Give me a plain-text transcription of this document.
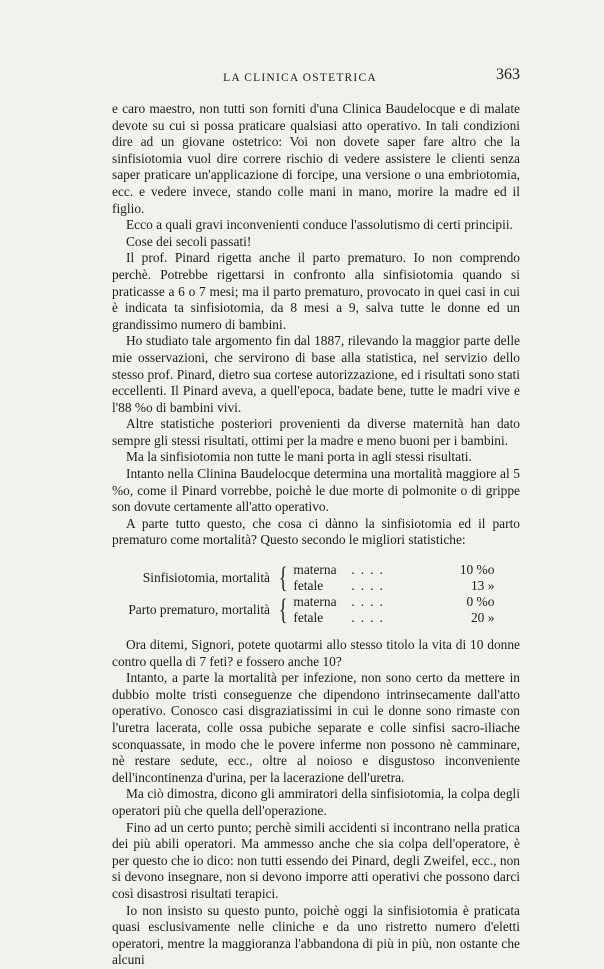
LA CLINICA OSTETRICA	363

e caro maestro, non tutti son forniti d'una Clinica Baudelocque e di malate devote su cui si possa praticare qualsiasi atto operativo. In tali condizioni dire ad un giovane ostetrico: Voi non dovete saper fare altro che la sinfisiotomia vuol dire correre rischio di vedere assistere le clienti senza saper praticare un'applicazione di forcipe, una versione o una embriotomia, ecc. e vedere invece, stando colle mani in mano, morire la madre ed il figlio.

Ecco a quali gravi inconvenienti conduce l'assolutismo di certi principii.

Cose dei secoli passati!

Il prof. Pinard rigetta anche il parto prematuro. Io non comprendo perchè. Potrebbe rigettarsi in confronto alla sinfisiotomia quando si praticasse a 6 o 7 mesi; ma il parto prematuro, provocato in quei casi in cui è indicata ta sinfisiotomia, da 8 mesi a 9, salva tutte le donne ed un grandissimo numero di bambini.

Ho studiato tale argomento fin dal 1887, rilevando la maggior parte delle mie osservazioni, che servirono di base alla statistica, nel servizio dello stesso prof. Pinard, dietro sua cortese autorizzazione, ed i risultati sono stati eccellenti. Il Pinard aveva, a quell'epoca, badate bene, tutte le madri vive e l'88 %o di bambini vivi.

Altre statistiche posteriori provenienti da diverse maternità han dato sempre gli stessi risultati, ottimi per la madre e meno buoni per i bambini.

Ma la sinfisiotomia non tutte le mani porta in agli stessi risultati.

Intanto nella Clinina Baudelocque determina una mortalità maggiore al 5 %o, come il Pinard vorrebbe, poichè le due morte di polmonite o di grippe son dovute certamente all'atto operativo.

A parte tutto questo, che cosa ci dànno la sinfisiotomia ed il parto prematuro come mortalità? Questo secondo le migliori statistiche:

Sinfisiotomia, mortalità { materna	....	10 %o
fetale	....	13 »
Parto prematuro, mortalità { materna	....	0 %o
fetale	....	20 »

Ora ditemi, Signori, potete quotarmi allo stesso titolo la vita di 10 donne contro quella di 7 feti? e fossero anche 10?

Intanto, a parte la mortalità per infezione, non sono certo da mettere in dubbio molte tristi conseguenze che dipendono intrinsecamente dall'atto operativo. Conosco casi disgraziatissimi in cui le donne sono rimaste con l'uretra lacerata, colle ossa pubiche separate e colle sinfisi sacro-iliache sconquassate, in modo che le povere inferme non possono nè camminare, nè restare sedute, ecc., oltre al noioso e disgustoso inconveniente dell'incontinenza d'urina, per la lacerazione dell'uretra.

Ma ciò dimostra, dicono gli ammiratori della sinfisiotomia, la colpa degli operatori più che quella dell'operazione.

Fino ad un certo punto; perchè simili accidenti si incontrano nella pratica dei più abili operatori. Ma ammesso anche che sia colpa dell'operatore, è per questo che io dico: non tutti essendo dei Pinard, degli Zweifel, ecc., non si devono insegnare, non si devono imporre atti operativi che possono darci così disastrosi risultati terapici.

Io non insisto su questo punto, poichè oggi la sinfisiotomia è praticata quasi esclusivamente nelle cliniche e da uno ristretto numero d'eletti operatori, mentre la maggioranza l'abbandona di più in più, non ostante che alcuni
